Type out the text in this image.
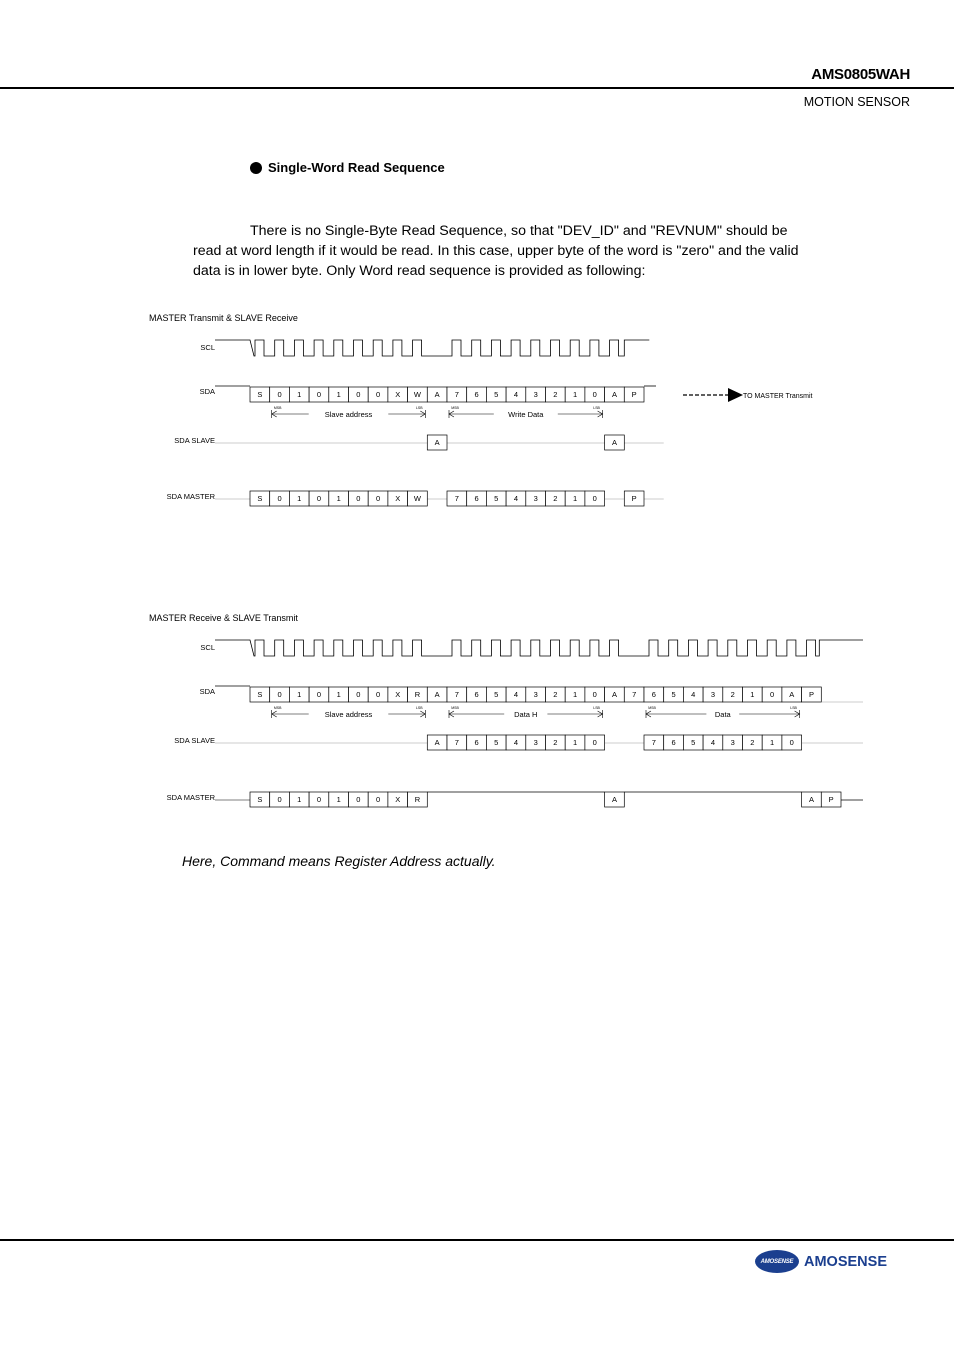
AMS0805WAH
MOTION SENSOR
Single-Word Read Sequence

There is no Single-Byte Read Sequence, so that "DEV_ID" and "REVNUM" should be read at word length if it would be read. In this case, upper byte of the word is "zero" and the valid data is in lower byte. Only Word read sequence is provided as following:

MASTER Transmit & SLAVE Receive
SCL
SDA
SDA SLAVE
SDA MASTER
S 0 1 0 1 0 0 X W A 7 6 5 4 3 2 1 0 A P
MSB	LSB
Slave address
MSB	LSB
Write Data
TO MASTER Transmit
A	A
S 0 1 0 1 0 0 X W	7 6 5 4 3 2 1 0	P
MASTER Receive & SLAVE Transmit
SCL
SDA
SDA SLAVE
SDA MASTER
S 0 1 0 1 0 0 X R A 7 6 5 4 3 2 1 0 A 7 6 5 4 3 2 1 0 A P
MSB	LSB
Slave address
MSB	LSB
Data H
MSB	LSB
Data
A 7 6 5 4 3 2 1 0	7 6 5 4 3 2 1 0
S 0 1 0 1 0 0 X R	A	A P
Here, Command means Register Address actually.
AMOSENSE AMOSENSE
